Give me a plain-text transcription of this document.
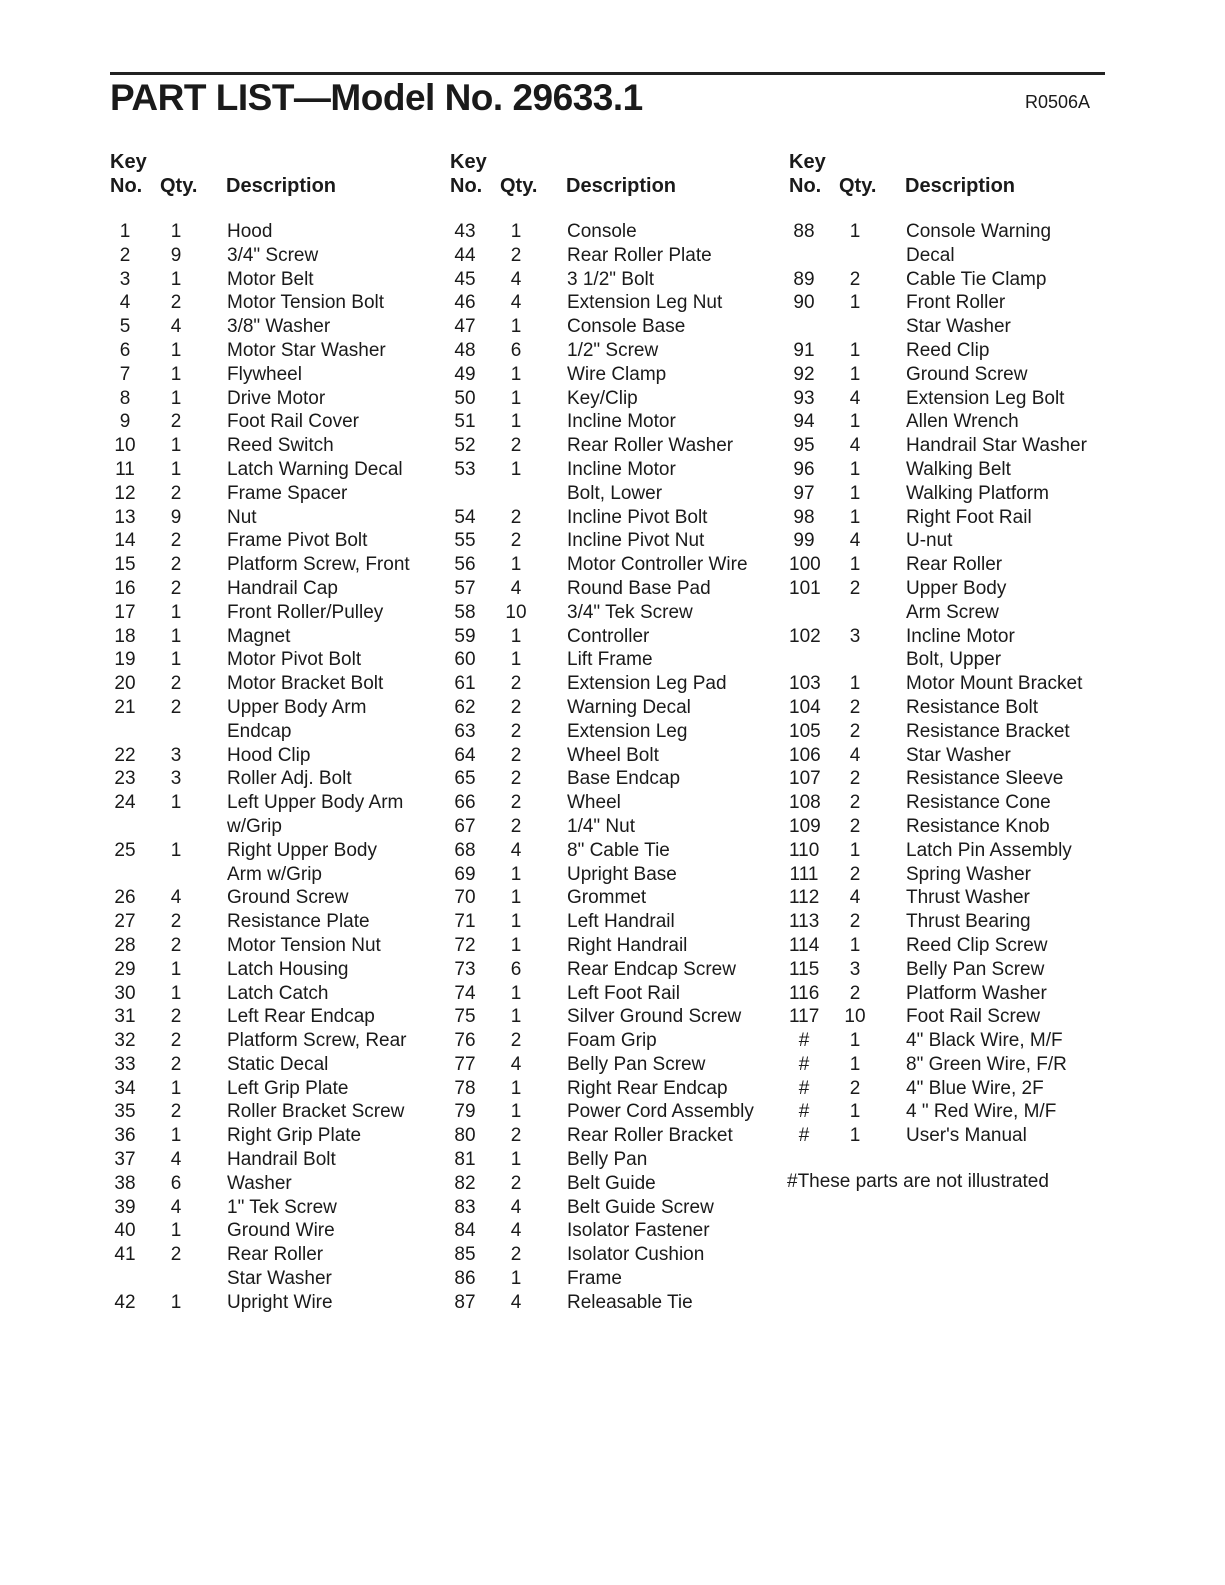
PART LIST—Model No. 29633.1	R0506A
Key
No. Qty. Description
1	1	Hood
2	9	3/4" Screw
3	1	Motor Belt
4	2	Motor Tension Bolt
5	4	3/8" Washer
6	1	Motor Star Washer
7	1	Flywheel
8	1	Drive Motor
9	2	Foot Rail Cover
10	1	Reed Switch
11	1	Latch Warning Decal
12	2	Frame Spacer
13	9	Nut
14	2	Frame Pivot Bolt
15	2	Platform Screw, Front
16	2	Handrail Cap
17	1	Front Roller/Pulley
18	1	Magnet
19	1	Motor Pivot Bolt
20	2	Motor Bracket Bolt
21	2	Upper Body Arm
Endcap
22	3	Hood Clip
23	3	Roller Adj. Bolt
24	1	Left Upper Body Arm
w/Grip
25	1	Right Upper Body
Arm w/Grip
26	4	Ground Screw
27	2	Resistance Plate
28	2	Motor Tension Nut
29	1	Latch Housing
30	1	Latch Catch
31	2	Left Rear Endcap
32	2	Platform Screw, Rear
33	2	Static Decal
34	1	Left Grip Plate
35	2	Roller Bracket Screw
36	1	Right Grip Plate
37	4	Handrail Bolt
38	6	Washer
39	4	1" Tek Screw
40	1	Ground Wire
41	2	Rear Roller
Star Washer
42	1	Upright Wire
Key
No. Qty. Description
43	1	Console
44	2	Rear Roller Plate
45	4	3 1/2" Bolt
46	4	Extension Leg Nut
47	1	Console Base
48	6	1/2" Screw
49	1	Wire Clamp
50	1	Key/Clip
51	1	Incline Motor
52	2	Rear Roller Washer
53	1	Incline Motor
Bolt, Lower
54	2	Incline Pivot Bolt
55	2	Incline Pivot Nut
56	1	Motor Controller Wire
57	4	Round Base Pad
58 10 3/4" Tek Screw
59	1	Controller
60	1	Lift Frame
61	2	Extension Leg Pad
62	2	Warning Decal
63	2	Extension Leg
64	2	Wheel Bolt
65	2	Base Endcap
66	2	Wheel
67	2	1/4" Nut
68	4	8" Cable Tie
69	1	Upright Base
70	1	Grommet
71	1	Left Handrail
72	1	Right Handrail
73	6	Rear Endcap Screw
74	1	Left Foot Rail
75	1	Silver Ground Screw
76	2	Foam Grip
77	4	Belly Pan Screw
78	1	Right Rear Endcap
79	1	Power Cord Assembly
80	2	Rear Roller Bracket
81	1	Belly Pan
82	2	Belt Guide
83	4	Belt Guide Screw
84	4	Isolator Fastener
85	2	Isolator Cushion
86	1	Frame
87	4	Releasable Tie
Key
No. Qty. Description
88	1	Console Warning
Decal
89	2	Cable Tie Clamp
90	1	Front Roller
Star Washer
91	1	Reed Clip
92	1	Ground Screw
93	4	Extension Leg Bolt
94	1	Allen Wrench
95	4	Handrail Star Washer
96	1	Walking Belt
97	1	Walking Platform
98	1	Right Foot Rail
99	4	U-nut
100	1	Rear Roller
101	2	Upper Body
Arm Screw
102	3	Incline Motor
Bolt, Upper
103	1	Motor Mount Bracket
104	2	Resistance Bolt
105	2	Resistance Bracket
106	4	Star Washer
107	2	Resistance Sleeve
108	2	Resistance Cone
109	2	Resistance Knob
110	1	Latch Pin Assembly
111	2	Spring Washer
112	4	Thrust Washer
113	2	Thrust Bearing
114	1	Reed Clip Screw
115	3	Belly Pan Screw
116	2	Platform Washer
117 10 Foot Rail Screw
#	1	4" Black Wire, M/F
#	1	8" Green Wire, F/R
#	2	4" Blue Wire, 2F
#	1	4 " Red Wire, M/F
#	1	User's Manual
#These parts are not illustrated
